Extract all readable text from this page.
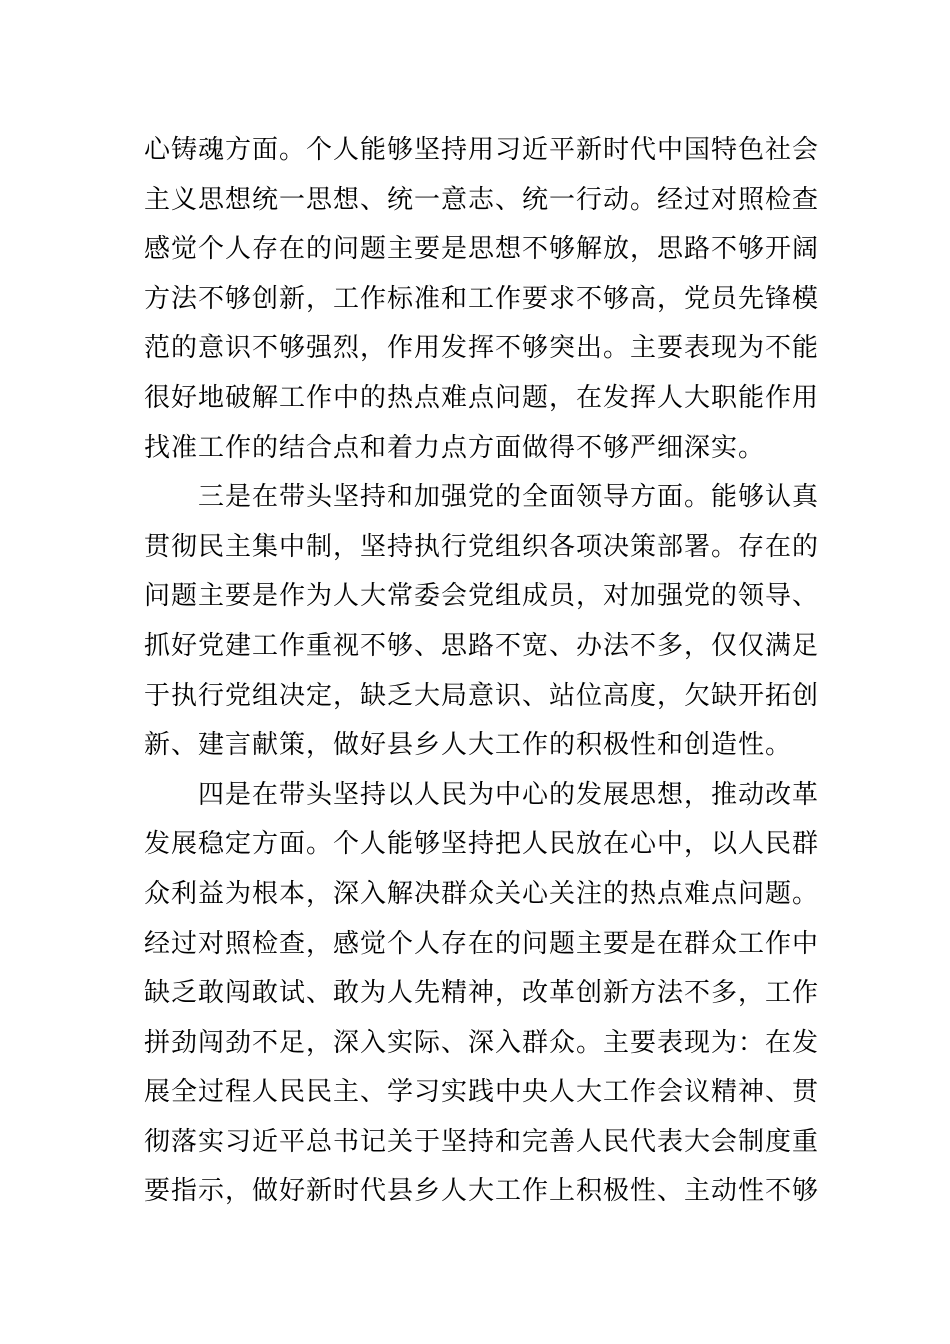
心铸魂方面。个人能够坚持用习近平新时代中国特色社会
主义思想统一思想、统一意志、统一行动。经过对照检查
感觉个人存在的问题主要是思想不够解放，思路不够开阔
方法不够创新，工作标准和工作要求不够高，党员先锋模
范的意识不够强烈，作用发挥不够突出。主要表现为不能
很好地破解工作中的热点难点问题，在发挥人大职能作用
找准工作的结合点和着力点方面做得不够严细深实。
三是在带头坚持和加强党的全面领导方面。能够认真
贯彻民主集中制，坚持执行党组织各项决策部署。存在的
问题主要是作为人大常委会党组成员，对加强党的领导、
抓好党建工作重视不够、思路不宽、办法不多，仅仅满足
于执行党组决定，缺乏大局意识、站位高度，欠缺开拓创
新、建言献策，做好县乡人大工作的积极性和创造性。
四是在带头坚持以人民为中心的发展思想，推动改革
发展稳定方面。个人能够坚持把人民放在心中，以人民群
众利益为根本，深入解决群众关心关注的热点难点问题。
经过对照检查，感觉个人存在的问题主要是在群众工作中
缺乏敢闯敢试、敢为人先精神，改革创新方法不多，工作
拼劲闯劲不足，深入实际、深入群众。主要表现为：在发
展全过程人民民主、学习实践中央人大工作会议精神、贯
彻落实习近平总书记关于坚持和完善人民代表大会制度重
要指示，做好新时代县乡人大工作上积极性、主动性不够
